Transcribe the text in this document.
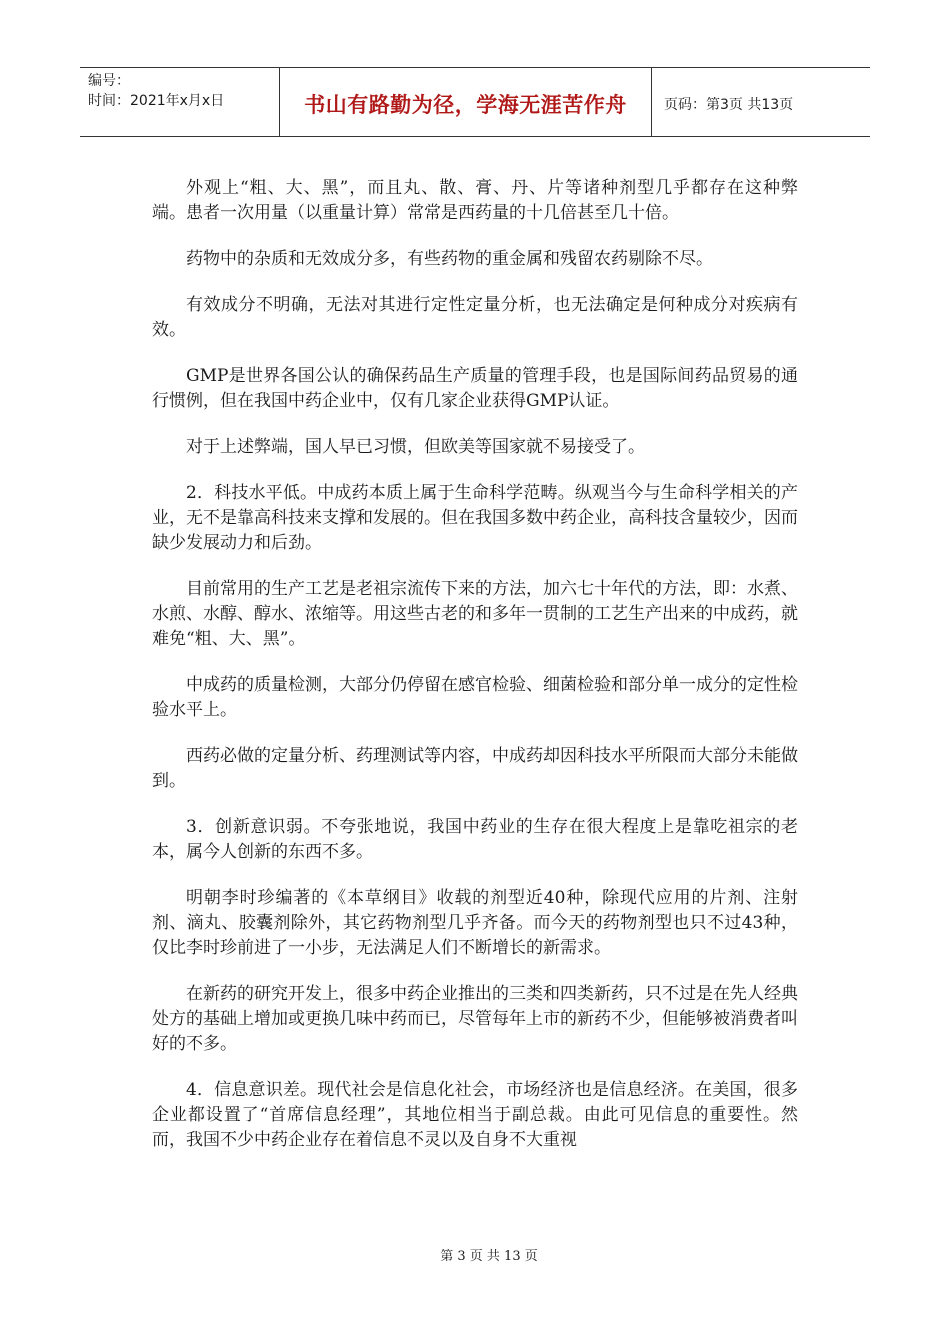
编号：
时间：2021年x月x日	书山有路勤为径，学海无涯苦作舟	页码：第3页 共13页

外观上“粗、大、黑”，而且丸、散、膏、丹、片等诸种剂型几乎都存在这种弊端。患者一次用量（以重量计算）常常是西药量的十几倍甚至几十倍。

药物中的杂质和无效成分多，有些药物的重金属和残留农药剔除不尽。

有效成分不明确，无法对其进行定性定量分析，也无法确定是何种成分对疾病有效。

GMP是世界各国公认的确保药品生产质量的管理手段，也是国际间药品贸易的通行惯例，但在我国中药企业中，仅有几家企业获得GMP认证。

对于上述弊端，国人早已习惯，但欧美等国家就不易接受了。

2．科技水平低。中成药本质上属于生命科学范畴。纵观当今与生命科学相关的产业，无不是靠高科技来支撑和发展的。但在我国多数中药企业，高科技含量较少，因而缺少发展动力和后劲。

目前常用的生产工艺是老祖宗流传下来的方法，加六七十年代的方法，即：水煮、水煎、水醇、醇水、浓缩等。用这些古老的和多年一贯制的工艺生产出来的中成药，就难免“粗、大、黑”。

中成药的质量检测，大部分仍停留在感官检验、细菌检验和部分单一成分的定性检验水平上。

西药必做的定量分析、药理测试等内容，中成药却因科技水平所限而大部分未能做到。

3．创新意识弱。不夸张地说，我国中药业的生存在很大程度上是靠吃祖宗的老本，属今人创新的东西不多。

明朝李时珍编著的《本草纲目》收载的剂型近40种，除现代应用的片剂、注射剂、滴丸、胶囊剂除外，其它药物剂型几乎齐备。而今天的药物剂型也只不过43种，仅比李时珍前进了一小步，无法满足人们不断增长的新需求。

在新药的研究开发上，很多中药企业推出的三类和四类新药，只不过是在先人经典处方的基础上增加或更换几味中药而已，尽管每年上市的新药不少，但能够被消费者叫好的不多。

4．信息意识差。现代社会是信息化社会，市场经济也是信息经济。在美国，很多企业都设置了“首席信息经理”，其地位相当于副总裁。由此可见信息的重要性。然而，我国不少中药企业存在着信息不灵以及自身不大重视

第 3 页 共 13 页
